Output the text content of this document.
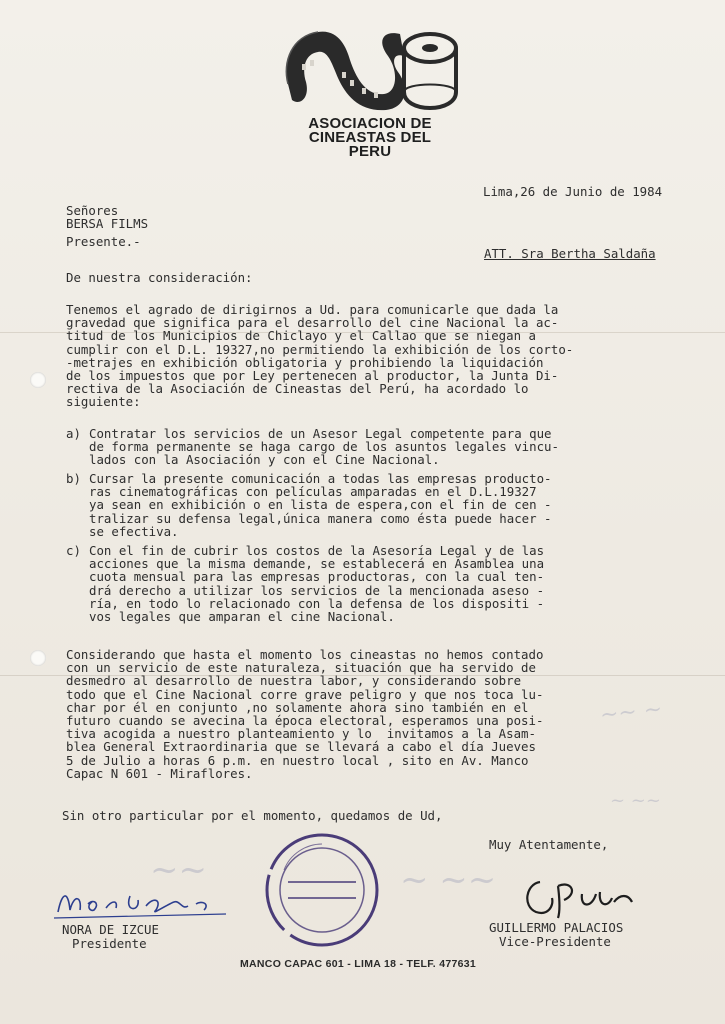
ASOCIACION DE
CINEASTAS DEL
PERU
Lima,26 de Junio de 1984
Señores
BERSA FILMS
Presente.-
ATT. Sra Bertha Saldaña
De nuestra consideración:
Tenemos el agrado de dirigirnos a Ud. para comunicarle que dada la
gravedad que significa para el desarrollo del cine Nacional la ac-
titud de los Municipios de Chiclayo y el Callao que se niegan a
cumplir con el D.L. 19327,no permitiendo la exhibición de los corto-
-metrajes en exhibición obligatoria y prohibiendo la liquidación
de los impuestos que por Ley pertenecen al productor, la Junta Di-
rectiva de la Asociación de Cineastas del Perú, ha acordado lo
siguiente:
a) Contratar los servicios de un Asesor Legal competente para que
de forma permanente se haga cargo de los asuntos legales vincu-
lados con la Asociación y con el Cine Nacional.
b) Cursar la presente comunicación a todas las empresas producto-
ras cinematográficas con películas amparadas en el D.L.19327
ya sean en exhibición o en lista de espera,con el fin de cen -
tralizar su defensa legal,única manera como ésta puede hacer -
se efectiva.
c) Con el fin de cubrir los costos de la Asesoría Legal y de las
acciones que la misma demande, se establecerá en Asamblea una
cuota mensual para las empresas productoras, con la cual ten-
drá derecho a utilizar los servicios de la mencionada aseso -
ría, en todo lo relacionado con la defensa de los dispositi -
vos legales que amparan el cine Nacional.
Considerando que hasta el momento los cineastas no hemos contado
con un servicio de este naturaleza, situación que ha servido de
desmedro al desarrollo de nuestra labor, y considerando sobre
todo que el Cine Nacional corre grave peligro y que nos toca lu-
char por él en conjunto ,no solamente ahora sino también en el
futuro cuando se avecina la época electoral, esperamos una posi-
tiva acogida a nuestro planteamiento y lo  invitamos a la Asam-
blea General Extraordinaria que se llevará a cabo el día Jueves
5 de Julio a horas 6 p.m. en nuestro local , sito en Av. Manco
Capac N 601 - Miraflores.
Sin otro particular por el momento, quedamos de Ud,
Muy Atentamente,
~~ ~
~ ~~
~ ~~
~~
NORA DE IZCUE
Presidente
GUILLERMO PALACIOS
Vice-Presidente
MANCO CAPAC 601 - LIMA 18 - TELF. 477631
